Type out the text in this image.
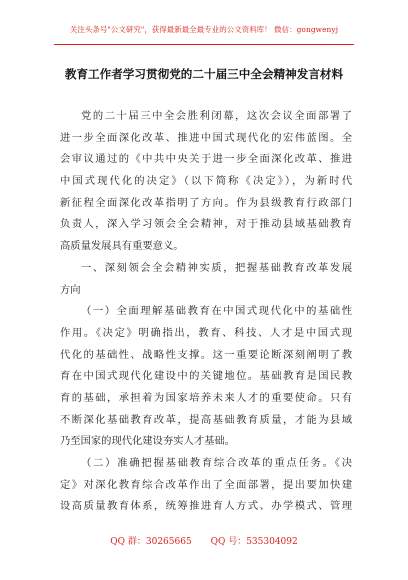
关注头条号"公文研究"，获得最新最全最专业的公文资料库！ 微信：gongwenyj
教育工作者学习贯彻党的二十届三中全会精神发言材料
党的二十届三中全会胜利闭幕，这次会议全面部署了
进一步全面深化改革、推进中国式现代化的宏伟蓝图。全
会审议通过的《中共中央关于进一步全面深化改革、推进
中国式现代化的决定》（以下简称《决定》），为新时代
新征程全面深化改革指明了方向。作为县级教育行政部门
负责人，深入学习领会全会精神，对于推动县域基础教育
高质量发展具有重要意义。
一、深刻领会全会精神实质，把握基础教育改革发展
方向
（一）全面理解基础教育在中国式现代化中的基础性
作用。《决定》明确指出，教育、科技、人才是中国式现
代化的基础性、战略性支撑。这一重要论断深刻阐明了教
育在中国式现代化建设中的关键地位。基础教育是国民教
育的基础，承担着为国家培养未来人才的重要使命。只有
不断深化基础教育改革，提高基础教育质量，才能为县域
乃至国家的现代化建设夯实人才基础。
（二）准确把握基础教育综合改革的重点任务。《决
定》对深化教育综合改革作出了全面部署，提出要加快建
设高质量教育体系，统筹推进育人方式、办学模式、管理
QQ 群：30265665 QQ 号：535304092
